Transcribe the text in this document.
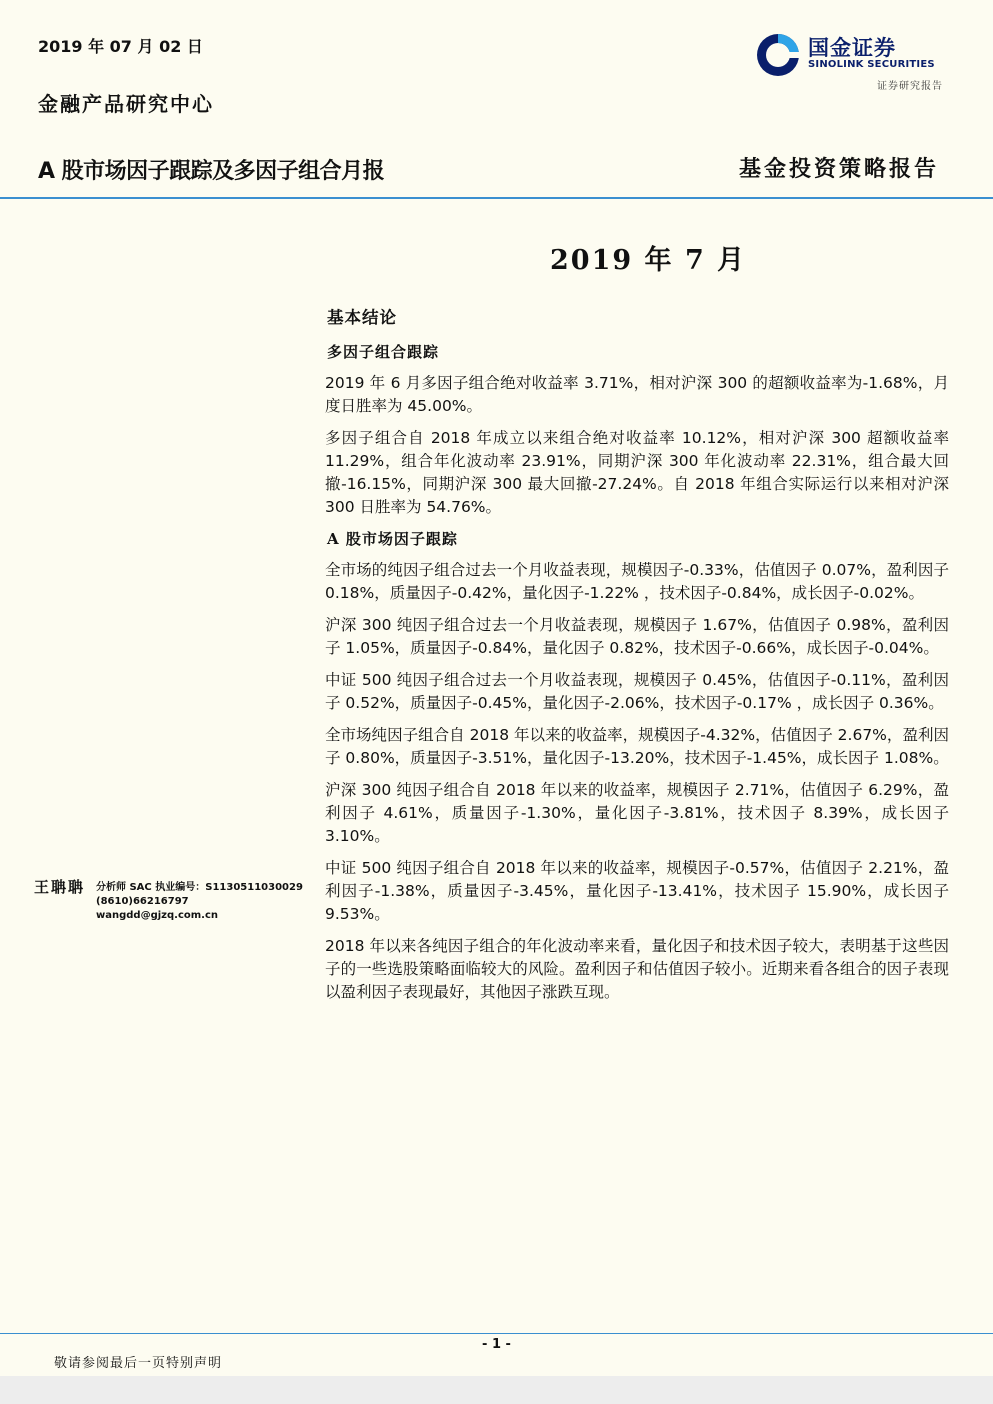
2019 年 07 月 02 日
金融产品研究中心
A 股市场因子跟踪及多因子组合月报	基金投资策略报告
国金证券
SINOLINK SECURITIES
证券研究报告
2019 年 7 月
基本结论
多因子组合跟踪

2019 年 6 月多因子组合绝对收益率 3.71%，相对沪深 300 的超额收益率为-1.68%，月度日胜率为 45.00%。

多因子组合自 2018 年成立以来组合绝对收益率 10.12%，相对沪深 300 超额收益率 11.29%，组合年化波动率 23.91%，同期沪深 300 年化波动率 22.31%，组合最大回撤-16.15%，同期沪深 300 最大回撤-27.24%。自 2018 年组合实际运行以来相对沪深 300 日胜率为 54.76%。

A 股市场因子跟踪

全市场的纯因子组合过去一个月收益表现，规模因子-0.33%，估值因子 0.07%，盈利因子 0.18%，质量因子-0.42%，量化因子-1.22% ，技术因子-0.84%，成长因子-0.02%。

沪深 300 纯因子组合过去一个月收益表现，规模因子 1.67%，估值因子 0.98%，盈利因子 1.05%，质量因子-0.84%，量化因子 0.82%，技术因子-0.66%，成长因子-0.04%。

中证 500 纯因子组合过去一个月收益表现，规模因子 0.45%，估值因子-0.11%，盈利因子 0.52%，质量因子-0.45%，量化因子-2.06%，技术因子-0.17% ，成长因子 0.36%。

全市场纯因子组合自 2018 年以来的收益率，规模因子-4.32%，估值因子 2.67%，盈利因子 0.80%，质量因子-3.51%，量化因子-13.20%，技术因子-1.45%，成长因子 1.08%。

沪深 300 纯因子组合自 2018 年以来的收益率，规模因子 2.71%，估值因子 6.29%，盈利因子 4.61%，质量因子-1.30%，量化因子-3.81%，技术因子 8.39%，成长因子 3.10%。

中证 500 纯因子组合自 2018 年以来的收益率，规模因子-0.57%，估值因子 2.21%，盈利因子-1.38%，质量因子-3.45%，量化因子-13.41%，技术因子 15.90%，成长因子 9.53%。

2018 年以来各纯因子组合的年化波动率来看，量化因子和技术因子较大，表明基于这些因子的一些选股策略面临较大的风险。盈利因子和估值因子较小。近期来看各组合的因子表现以盈利因子表现最好，其他因子涨跌互现。

王聃聃 分析师 SAC 执业编号：S1130511030029
(8610)66216797
wangdd@gjzq.com.cn
- 1 -
敬请参阅最后一页特别声明
